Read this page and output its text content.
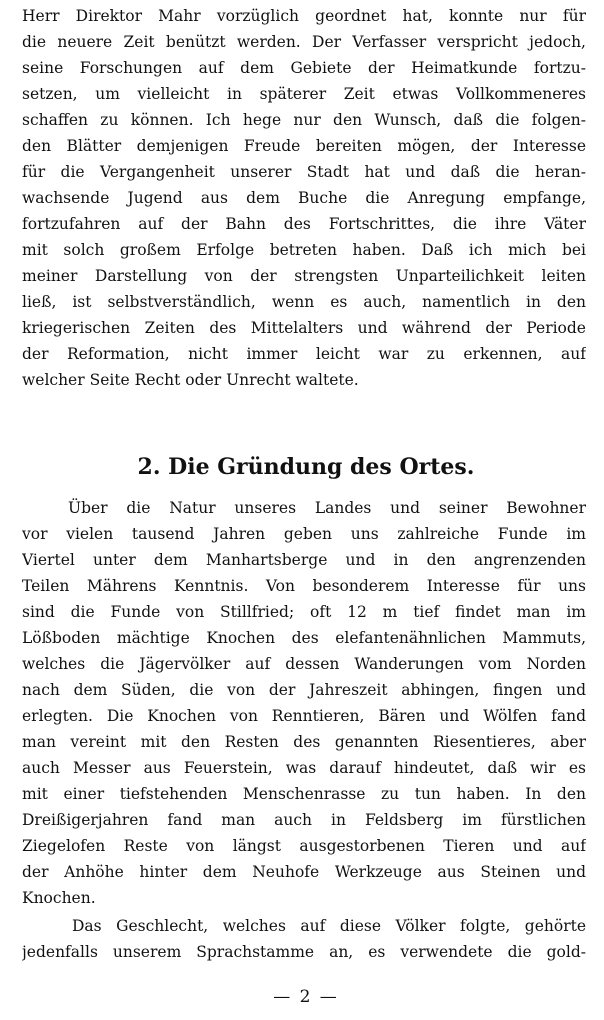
Herr Direktor Mahr vorzüglich geordnet hat, konnte nur für
die neuere Zeit benützt werden. Der Verfasser verspricht jedoch,
seine Forschungen auf dem Gebiete der Heimatkunde fortzu-
setzen, um vielleicht in späterer Zeit etwas Vollkommeneres
schaffen zu können. Ich hege nur den Wunsch, daß die folgen-
den Blätter demjenigen Freude bereiten mögen, der Interesse
für die Vergangenheit unserer Stadt hat und daß die heran-
wachsende Jugend aus dem Buche die Anregung empfange,
fortzufahren auf der Bahn des Fortschrittes, die ihre Väter
mit solch großem Erfolge betreten haben. Daß ich mich bei
meiner Darstellung von der strengsten Unparteilichkeit leiten
ließ, ist selbstverständlich, wenn es auch, namentlich in den
kriegerischen Zeiten des Mittelalters und während der Periode
der Reformation, nicht immer leicht war zu erkennen, auf
welcher Seite Recht oder Unrecht waltete.
2. Die Gründung des Ortes.
Über die Natur unseres Landes und seiner Bewohner
vor vielen tausend Jahren geben uns zahlreiche Funde im
Viertel unter dem Manhartsberge und in den angrenzenden
Teilen Mährens Kenntnis. Von besonderem Interesse für uns
sind die Funde von Stillfried; oft 12 m tief findet man im
Lößboden mächtige Knochen des elefantenähnlichen Mammuts,
welches die Jägervölker auf dessen Wanderungen vom Norden
nach dem Süden, die von der Jahreszeit abhingen, fingen und
erlegten. Die Knochen von Renntieren, Bären und Wölfen fand
man vereint mit den Resten des genannten Riesentieres, aber
auch Messer aus Feuerstein, was darauf hindeutet, daß wir es
mit einer tiefstehenden Menschenrasse zu tun haben. In den
Dreißigerjahren fand man auch in Feldsberg im fürstlichen
Ziegelofen Reste von längst ausgestorbenen Tieren und auf
der Anhöhe hinter dem Neuhofe Werkzeuge aus Steinen und
Knochen.
Das Geschlecht, welches auf diese Völker folgte, gehörte
jedenfalls unserem Sprachstamme an, es verwendete die gold-
— 2 —
